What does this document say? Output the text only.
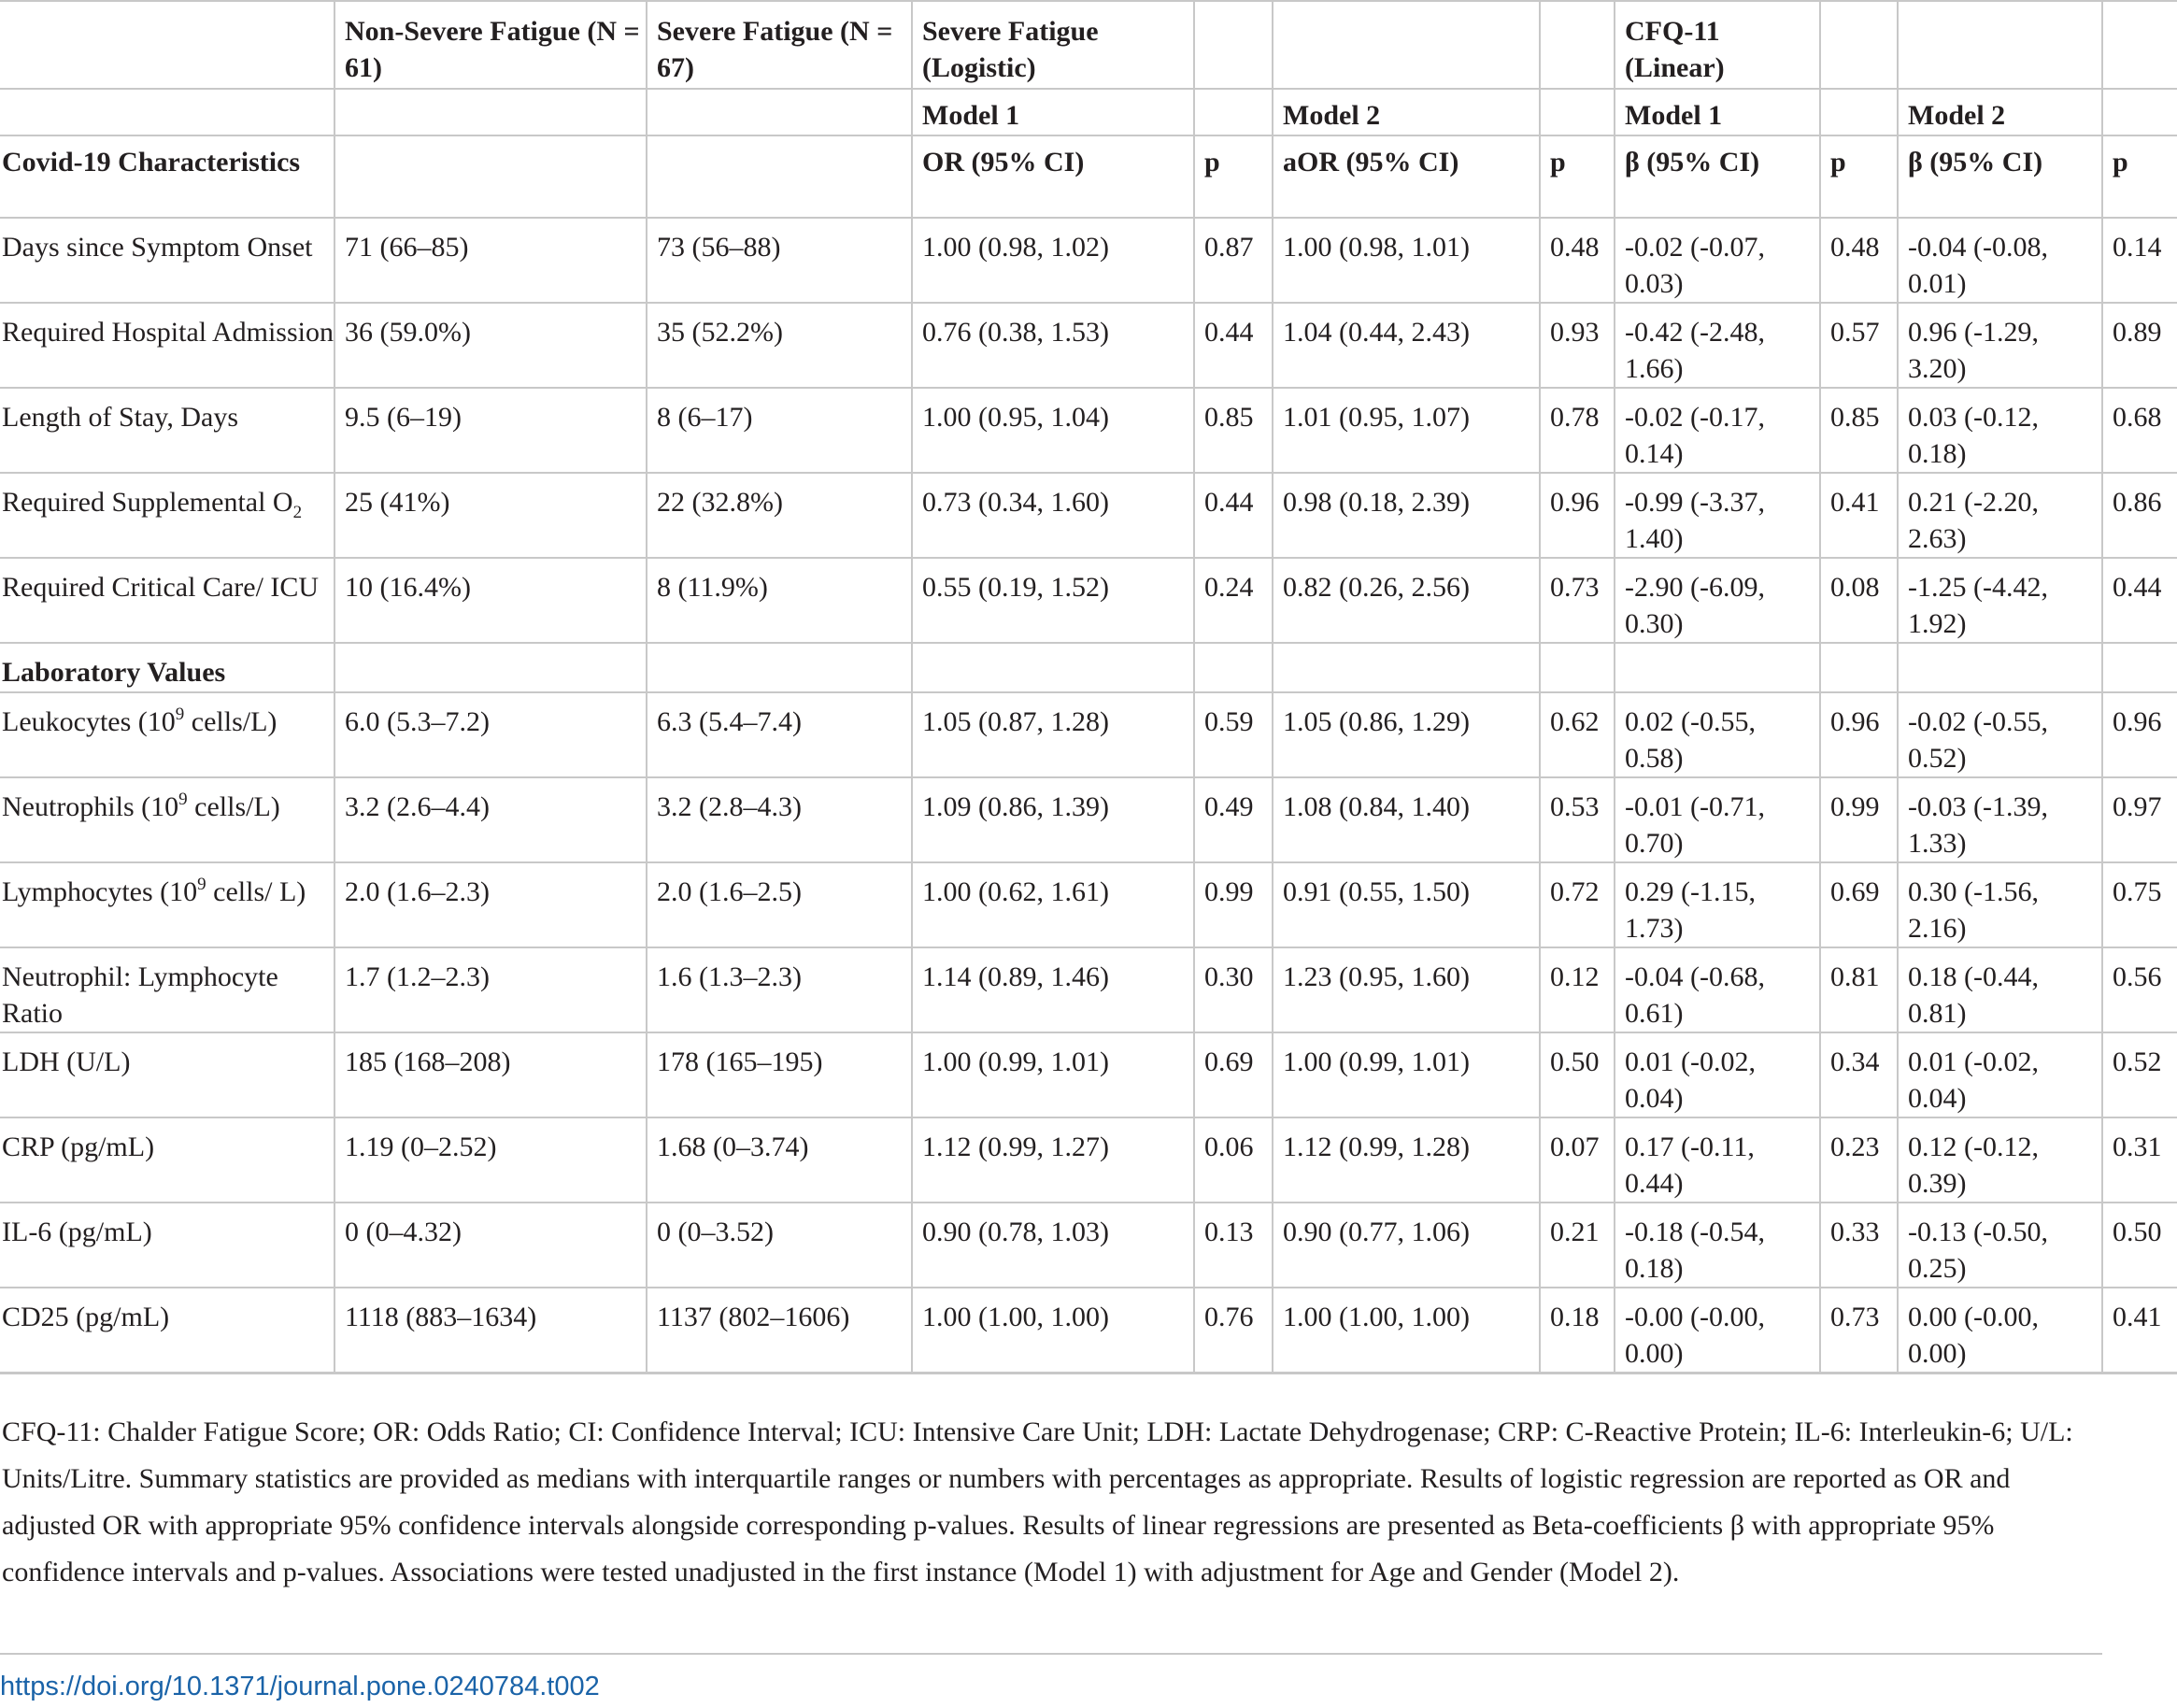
	Non-Severe Fatigue (N = 61)	Severe Fatigue (N = 67)	Severe Fatigue (Logistic)				CFQ-11 (Linear)			
			Model 1		Model 2		Model 1		Model 2	
Covid-19 Characteristics			OR (95% CI)	p	aOR (95% CI)	p	β (95% CI)	p	β (95% CI)	p
Days since Symptom Onset	71 (66–85)	73 (56–88)	1.00 (0.98, 1.02)	0.87	1.00 (0.98, 1.01)	0.48	-0.02 (-0.07, 0.03)	0.48	-0.04 (-0.08, 0.01)	0.14
Required Hospital Admission	36 (59.0%)	35 (52.2%)	0.76 (0.38, 1.53)	0.44	1.04 (0.44, 2.43)	0.93	-0.42 (-2.48, 1.66)	0.57	0.96 (-1.29, 3.20)	0.89
Length of Stay, Days	9.5 (6–19)	8 (6–17)	1.00 (0.95, 1.04)	0.85	1.01 (0.95, 1.07)	0.78	-0.02 (-0.17, 0.14)	0.85	0.03 (-0.12, 0.18)	0.68
Required Supplemental $O_2$	25 (41%)	22 (32.8%)	0.73 (0.34, 1.60)	0.44	0.98 (0.18, 2.39)	0.96	-0.99 (-3.37, 1.40)	0.41	0.21 (-2.20, 2.63)	0.86
Required Critical Care/ ICU	10 (16.4%)	8 (11.9%)	0.55 (0.19, 1.52)	0.24	0.82 (0.26, 2.56)	0.73	-2.90 (-6.09, 0.30)	0.08	-1.25 (-4.42, 1.92)	0.44
Laboratory Values										
Leukocytes ($10^9$ cells/L)	6.0 (5.3–7.2)	6.3 (5.4–7.4)	1.05 (0.87, 1.28)	0.59	1.05 (0.86, 1.29)	0.62	0.02 (-0.55, 0.58)	0.96	-0.02 (-0.55, 0.52)	0.96
Neutrophils ($10^9$ cells/L)	3.2 (2.6–4.4)	3.2 (2.8–4.3)	1.09 (0.86, 1.39)	0.49	1.08 (0.84, 1.40)	0.53	-0.01 (-0.71, 0.70)	0.99	-0.03 (-1.39, 1.33)	0.97
Lymphocytes ($10^9$ cells/ L)	2.0 (1.6–2.3)	2.0 (1.6–2.5)	1.00 (0.62, 1.61)	0.99	0.91 (0.55, 1.50)	0.72	0.29 (-1.15, 1.73)	0.69	0.30 (-1.56, 2.16)	0.75
Neutrophil: Lymphocyte Ratio	1.7 (1.2–2.3)	1.6 (1.3–2.3)	1.14 (0.89, 1.46)	0.30	1.23 (0.95, 1.60)	0.12	-0.04 (-0.68, 0.61)	0.81	0.18 (-0.44, 0.81)	0.56
LDH (U/L)	185 (168–208)	178 (165–195)	1.00 (0.99, 1.01)	0.69	1.00 (0.99, 1.01)	0.50	0.01 (-0.02, 0.04)	0.34	0.01 (-0.02, 0.04)	0.52
CRP (pg/mL)	1.19 (0–2.52)	1.68 (0–3.74)	1.12 (0.99, 1.27)	0.06	1.12 (0.99, 1.28)	0.07	0.17 (-0.11, 0.44)	0.23	0.12 (-0.12, 0.39)	0.31
IL-6 (pg/mL)	0 (0–4.32)	0 (0–3.52)	0.90 (0.78, 1.03)	0.13	0.90 (0.77, 1.06)	0.21	-0.18 (-0.54, 0.18)	0.33	-0.13 (-0.50, 0.25)	0.50
CD25 (pg/mL)	1118 (883–1634)	1137 (802–1606)	1.00 (1.00, 1.00)	0.76	1.00 (1.00, 1.00)	0.18	-0.00 (-0.00, 0.00)	0.73	0.00 (-0.00, 0.00)	0.41
CFQ-11: Chalder Fatigue Score; OR: Odds Ratio; CI: Confidence Interval; ICU: Intensive Care Unit; LDH: Lactate Dehydrogenase; CRP: C-Reactive Protein; IL-6: Interleukin-6; U/L: Units/Litre. Summary statistics are provided as medians with interquartile ranges or numbers with percentages as appropriate. Results of logistic regression are reported as OR and adjusted OR with appropriate 95% confidence intervals alongside corresponding p-values. Results of linear regressions are presented as Beta-coefficients β with appropriate 95% confidence intervals and p-values. Associations were tested unadjusted in the first instance (Model 1) with adjustment for Age and Gender (Model 2).
https://doi.org/10.1371/journal.pone.0240784.t002
